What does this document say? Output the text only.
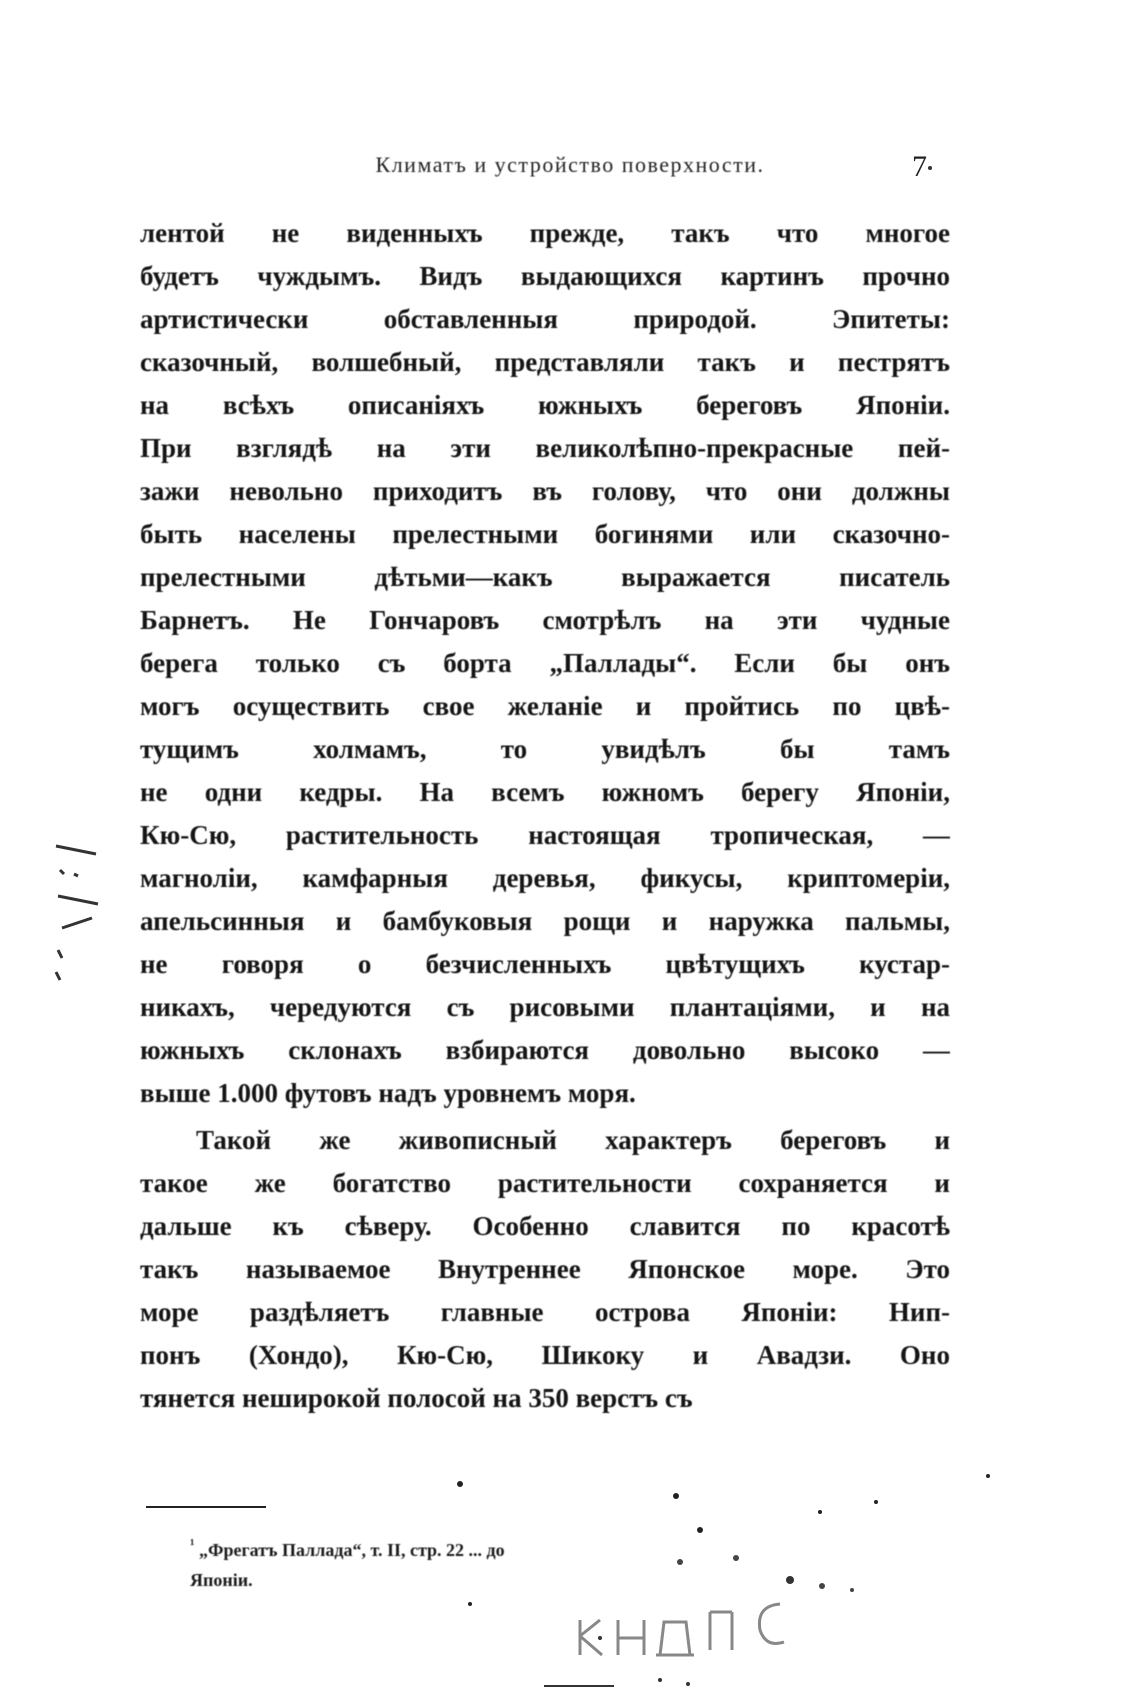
Климатъ и устройство поверхности.	7
лентой не виденныхъ прежде, такъ что многое
будетъ чуждымъ. Видъ выдающихся картинъ прочно
артистически обставленныя природой. Эпитеты:
сказочный, волшебный, представляли такъ и пестрятъ
на всѣхъ описаніяхъ южныхъ береговъ Японіи.
При взглядѣ на эти великолѣпно-прекрасные пей-
зажи невольно приходитъ въ голову, что они должны
быть населены прелестными богинями или сказочно-
прелестными дѣтьми—какъ выражается писатель
Барнетъ. Не Гончаровъ смотрѣлъ на эти чудные
берега только съ борта „Паллады“. Если бы онъ
могъ осуществить свое желаніе и пройтись по цвѣ-
тущимъ холмамъ, то увидѣлъ бы тамъ
не одни кедры. На всемъ южномъ берегу Японіи,
Кю-Сю, растительность настоящая тропическая, —
магноліи, камфарныя деревья, фикусы, криптомеріи,
апельсинныя и бамбуковыя рощи и наружка пальмы,
не говоря о безчисленныхъ цвѣтущихъ кустар-
никахъ, чередуются съ рисовыми плантаціями, и на
южныхъ склонахъ взбираются довольно высоко —
выше 1.000 футовъ надъ уровнемъ моря.
Такой же живописный характеръ береговъ и
такое же богатство растительности сохраняется и
дальше къ сѣверу. Особенно славится по красотѣ
такъ называемое Внутреннее Японское море. Это
море раздѣляетъ главные острова Японіи: Нип-
понъ (Хондо), Кю-Сю, Шикоку и Авадзи. Оно
тянется неширокой полосой на 350 верстъ съ
$^{^1}$ „Фрегатъ Паллада“, т. II, стр. 22 ... до
Японіи.
